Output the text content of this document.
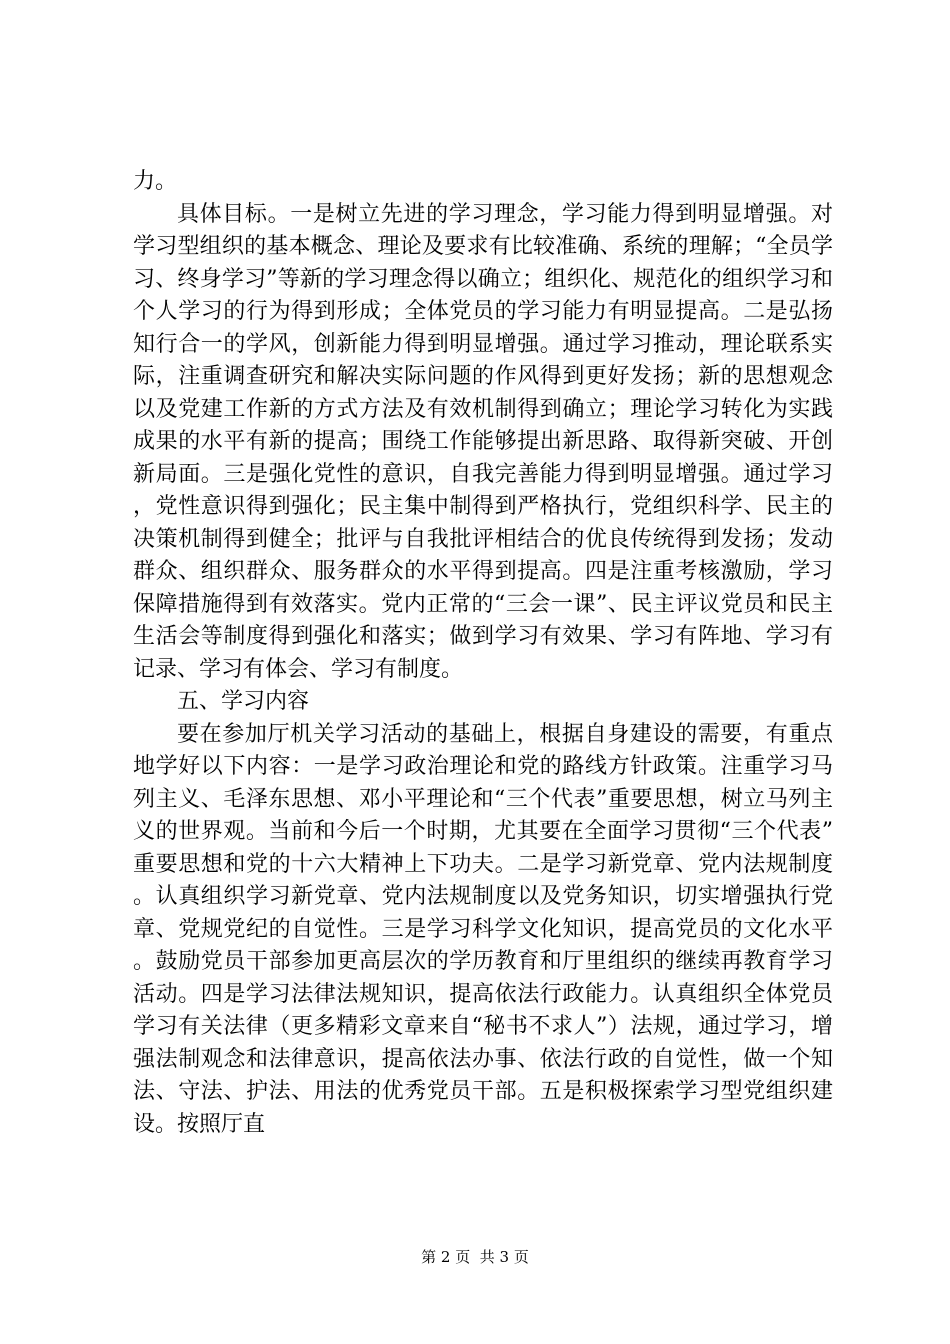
力。

具体目标。一是树立先进的学习理念，学习能力得到明显增强。对学习型组织的基本概念、理论及要求有比较准确、系统的理解；“全员学习、终身学习”等新的学习理念得以确立；组织化、规范化的组织学习和个人学习的行为得到形成；全体党员的学习能力有明显提高。二是弘扬知行合一的学风，创新能力得到明显增强。通过学习推动，理论联系实际，注重调查研究和解决实际问题的作风得到更好发扬；新的思想观念以及党建工作新的方式方法及有效机制得到确立；理论学习转化为实践成果的水平有新的提高；围绕工作能够提出新思路、取得新突破、开创新局面。三是强化党性的意识，自我完善能力得到明显增强。通过学习，党性意识得到强化；民主集中制得到严格执行，党组织科学、民主的决策机制得到健全；批评与自我批评相结合的优良传统得到发扬；发动群众、组织群众、服务群众的水平得到提高。四是注重考核激励，学习保障措施得到有效落实。党内正常的“三会一课”、民主评议党员和民主生活会等制度得到强化和落实；做到学习有效果、学习有阵地、学习有记录、学习有体会、学习有制度。

五、学习内容

要在参加厅机关学习活动的基础上，根据自身建设的需要，有重点地学好以下内容：一是学习政治理论和党的路线方针政策。注重学习马列主义、毛泽东思想、邓小平理论和“三个代表”重要思想，树立马列主义的世界观。当前和今后一个时期，尤其要在全面学习贯彻“三个代表”重要思想和党的十六大精神上下功夫。二是学习新党章、党内法规制度。认真组织学习新党章、党内法规制度以及党务知识，切实增强执行党章、党规党纪的自觉性。三是学习科学文化知识，提高党员的文化水平。鼓励党员干部参加更高层次的学历教育和厅里组织的继续再教育学习活动。四是学习法律法规知识，提高依法行政能力。认真组织全体党员学习有关法律（更多精彩文章来自“秘书不求人”）法规，通过学习，增强法制观念和法律意识，提高依法办事、依法行政的自觉性，做一个知法、守法、护法、用法的优秀党员干部。五是积极探索学习型党组织建设。按照厅直

第 2 页  共 3 页
